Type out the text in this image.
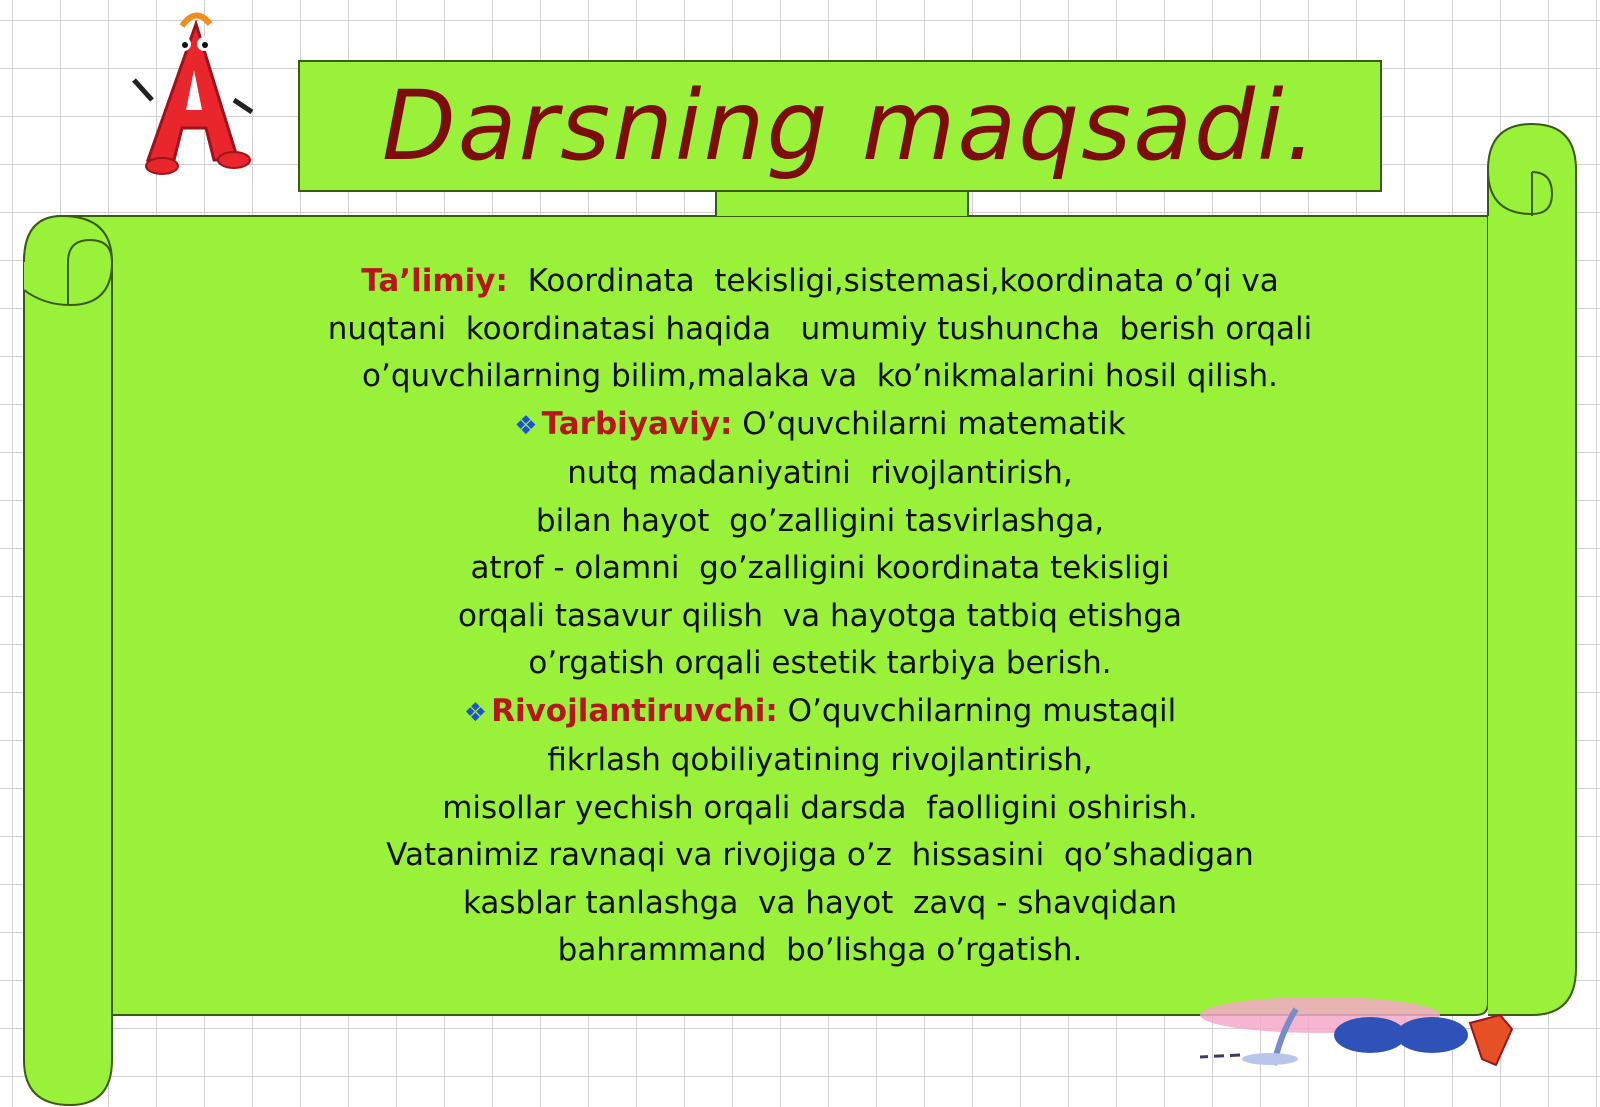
Darsning maqsadi.
Ta’limiy:  Koordinata  tekisligi,sistemasi,koordinata o’qi va
nuqtani  koordinatasi haqida   umumiy tushuncha  berish orqali
o’quvchilarning bilim,malaka va  ko’nikmalarini hosil qilish.
❖ Tarbiyaviy: O’quvchilarni matematik
nutq madaniyatini  rivojlantirish,
bilan hayot  go’zalligini tasvirlashga,
atrof - olamni  go’zalligini koordinata tekisligi
orqali tasavur qilish  va hayotga tatbiq etishga
o’rgatish orqali estetik tarbiya berish.
❖ Rivojlantiruvchi: O’quvchilarning mustaqil
fikrlash qobiliyatining rivojlantirish,
misollar yechish orqali darsda  faolligini oshirish.
Vatanimiz ravnaqi va rivojiga o’z  hissasini  qo’shadigan
kasblar tanlashga  va hayot  zavq - shavqidan
bahrammand  bo’lishga o’rgatish.
